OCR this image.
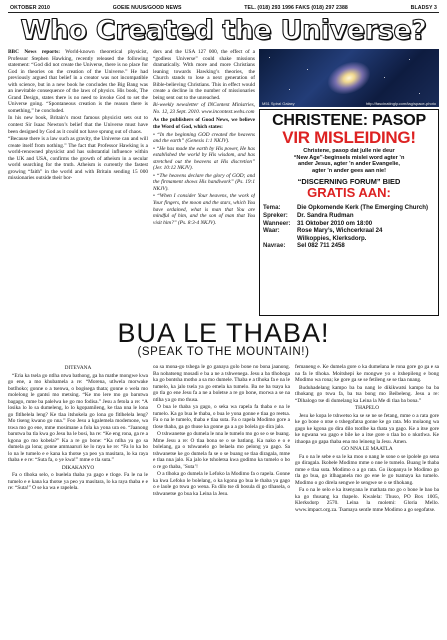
OKTOBER 2010	GOEIE NUUS/GOOD NEWS	TEL. (018) 293 1996 FAKS (018) 297 2388	BLADSY 3
Who Created the Universe?

BBC News reports: World-known theoretical physicist, Professor Stephen Hawking, recently released the following statement: “God did not create the Universe, there is no place for God in theories on the creation of the Universe.” He had previously argued that belief in a creator was not incompatible with science, but in a new book he concludes the Big Bang was an inevitable consequence of the laws of physics. His book, The Grand Design, states there is no need to invoke God to set the Universe going. “Spontaneous creation is the reason there is something,” he concluded.

In his new book, Britain’s most famous physicist sets out to contest Sir Isaac Newton’s belief that the Universe must have been designed by God as it could not have sprung out of chaos.

“Because there is a law such as gravity, the Universe can and will create itself from nothing.” The fact that Professor Hawking is a world-renowned physicist and has substantial influence within the UK and USA, confirms the growth of atheism in a secular world searching for the truth. Atheism is currently the fastest growing “faith” in the world and with Britain sending 15 000 missionaries outside their bor-

ders and the USA 127 000, the effect of a “godless Universe” could shake missions dramatically. With more and more Christians leaning towards Hawking’s theories, the Church stands to lose a next generation of Bible-believing Christians. This in effect would create a decline in the number of missionaries being sent out to the unreached.

Bi-weekly newsletter of INContext Ministries, No. 12, 23 Sept. 2010. www.incontext.webs.com

As the publishers of Good News, we believe the Word of God, which states:

• “In the beginning GOD created the heavens and the earth” (Genesis 1:1 NKJV).

• “He has made the earth by His power, He has established the world by His wisdom, and has stretched out the heavens at His discretion” (Jer. 10:12 NKJV).

• “The heavens declare the glory of GOD; and the firmament shows His handiwork” (Ps. 19:1 NKJV).

• “When I consider Your heavens, the work of Your fingers, the moon and the stars, which You have ordained, what is man that You are mindful of him, and the son of man that You visit him?” (Ps. 8:3-4 NKJV).

M51 Spiral Galaxy	http://fascinatingly.com/tag/space-photo
CHRISTENE: PASOP
VIR MISLEIDING!
Christene, pasop dat julle nie deur
“New Age”-beginsels mislei word agter ’n
ander Jesus, agter ’n ander Evangelie,
agter ’n ander gees aan nie!
“DISCERNING FORUM” BIED
GRATIS AAN:
Tema:	Die Opkomende Kerk (The Emerging Church)
Spreker:	Dr. Sandra Rudman
Wanneer:	31 Oktober 2010 om 18:00
Waar:	Rose Mary’s, Wichcerkraal 24
Wilkoppies, Klerksdorp.
Navrae:	Sel 082 711 2458
BUA LE THABA!
(SPEAK TO THE MOUNTAIN!)
DITEVANA

“Eria ka tsela go ntlha ntwa bathong, ga ba mathe mongwe kwa go ene, a mo khubamela a re: “Morena, utlwela morwake botlhoko; gonne o a tsenwa, o bogisega thata; gonne o wela mo molelong le gantsi mo metsing. “Ke mo lere mo go barutwa bagago, mme ba palelwa ke go mo fodisa.” Jesu a fetola a re: “A losika lo lo sa dumeleng, lo lo kgopamileng, ke tlaa nna le lona go fitlhelela leng? Ke tlaa itshokela go lona go fitlhelela leng? Mo tiseng kwano go nna.” Foo Jesu a kgalemela modemone, wa tswa mo go ene, mme mosimane a fola ka yona ura eo. “Jaanong barutwa ba tla kwa go Jesu ba le bosi, ba re: “Ke eng rona, ga re a kgona go mo kobela?” Ka a re go bone: “Ka ntlha ya go sa dumela ga lona; gonne ammaaruri ke lo raya ke re: “Fa lo ka bo lo na le tumelo e e kana ka thotse ya peo ya masitara, lo ka raya thaba e e re: “Suta fa, o ye kwa!” mme e tla suta.”

DIKAKANYO

Fa o tlhoka selo, o buelela thaba ya gago e tloge. Fa le na le tumelo e e kana ka thotse ya peo ya masitara, lo ka raya thaba e e re: “Suta!” O se ka wa e rapelela.

oa sa mona-go tshega le go ganaya golo bone no bona jaanong. Ba nobatseng mosadi e ba a ne a tshwenega. Jesu a ba tlhoboga ka go bontsha motho a sa mo dumele. Thaba e a tlhoka fa e na le tumelo, ka jalo tsela ya go emela ka tumelo. Ba ne ba tsaya ka go tla go ene Jesu fa a ne a boletse a re go bone, morwa a se na ntlha ya go mo thusa.

O bua le thaba ya gago, o seka wa rapela fa thaba e na le tumelo. Ka go bua le thaba, o bua le yona gonne e tlaa go reetsa. Fa o na le tumelo, thaba e tlaa suta. Fa o rapela Modimo gore a tlose thaba, ga go thuse ka gonne ga a a go bolela go dira jalo.

O tshwanetse go dumela le nna le tumelo mo go se o se buang. Mme Jesu a re: O tlaa bona se o se batlang. Ka nako e o e bolelang, ga o tshwanelo go belaela mo pelong ya gago. Sa tshwanetse ke go dumela fa se o se buang se tlaa diragala, mme e tlaa nna jalo. Ka jalo ke tsholetsa kwa godimo ka tumelo o bo o re go thaba, ’Suta’!

O a tlhoka go dumela le Lefoko la Modimo fa o rapela. Gonne ka kwa Lefoko le bolelang, o ka kgona go bua le thaba ya gago o e laole go tswa go wena. Fa dilo tse di bosula di go tlhasela, o tshwanetse go bua ka Leina la Jesu.

femaneng e. Ke dumela gore o ka dumelana le rona gore go ga e sa na fa le tlhoka. Moitshepi ke mongwe yo o itshepileng e bong Modimo wa rona; ke gore ga se se fetileng se se tlaa nnang.

Buduhadelang kampo ba ba nang le dikikwatsi kampo ba ba tlhokang go tswa fa, ba tsa bong mo Beibeleng. Jesu a re: “Dihalogo tse di dumelang ka Leina la Me di tlaa ba bona.”

THAPELO

Jesu ke kopa le tshwetso ka se se ne se fetang, mme o a rata gore ke go bone o ntse o tshegofatsa gonne ke go rata. Mo molaong wa gago ke kgona go dira dilo tsotlhe ka thata ya gago. Ke a itse gore ke ngwana wa gago e bile ke a itse gore o tlaa bo o nkutlwa. Ke ithaopa go gapa thaba ena mo leineng la Jesu. Amen.

GO NNA LE MAATLA

Fa o na le sebe e sa le ka moo o nang le sone o se ipolele go sena go diragala. Ikobele Modimo mme o nne le tumelo. Buang le thaba mme e tlaa suta. Modimo o a go rata. Go ikopanya le Modimo go tla go bua, go itlhaganela mo go ene le go tsamaya ka tumelo. Modimo o go direla sengwe le sengwe se o se tlhokang.

Fa o na le selo e ka itsenyana le mathata mo go o bone le bao ba ka go thusang ka thapelo. Kwalela: Thuso, PO Box 1005, Klerksdorp 2570. Leina la molemi: Gloria Mello. www.impact.org.za. Tsamaya sentle mme Modimo a go segofatse.
